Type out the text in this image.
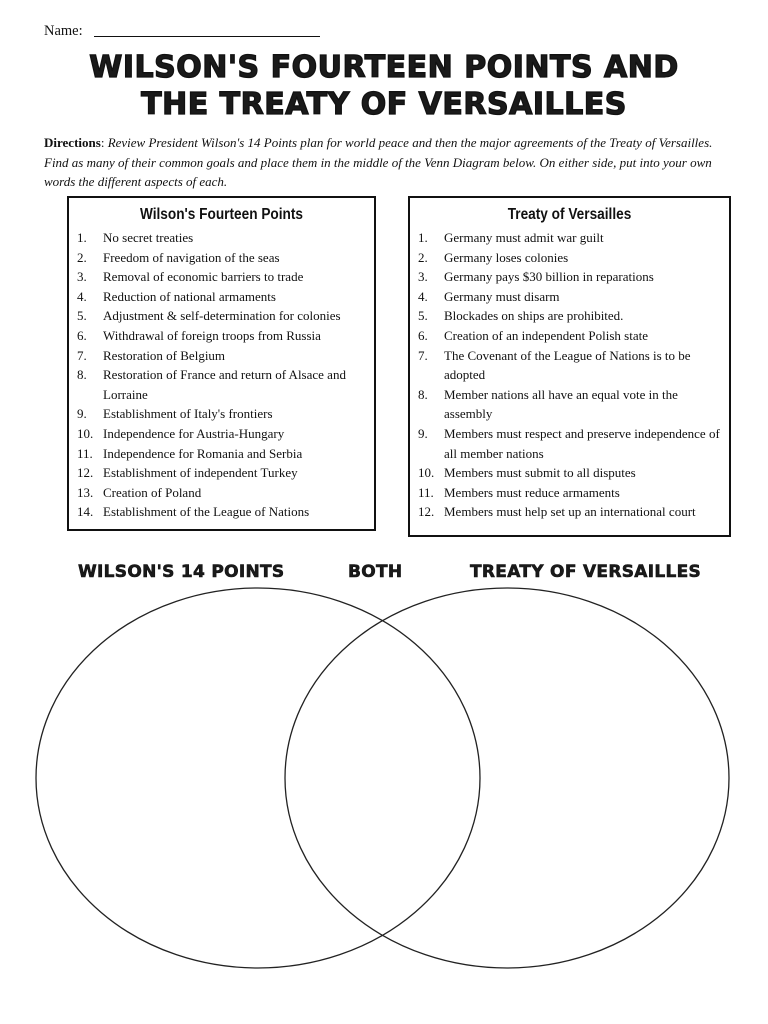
Name:
WILSON'S FOURTEEN POINTS AND
THE TREATY OF VERSAILLES
Directions: Review President Wilson's 14 Points plan for world peace and then the major agreements of the Treaty of Versailles. Find as many of their common goals and place them in the middle of the Venn Diagram below. On either side, put into your own words the different aspects of each.
Wilson's Fourteen Points
1.	No secret treaties
2.	Freedom of navigation of the seas
3.	Removal of economic barriers to trade
4.	Reduction of national armaments
5.	Adjustment & self-determination for colonies
6.	Withdrawal of foreign troops from Russia
7.	Restoration of Belgium
8.	Restoration of France and return of Alsace and Lorraine
9.	Establishment of Italy's frontiers
10. Independence for Austria-Hungary
11. Independence for Romania and Serbia
12. Establishment of independent Turkey
13. Creation of Poland
14. Establishment of the League of Nations
Treaty of Versailles
1.	Germany must admit war guilt
2.	Germany loses colonies
3.	Germany pays $30 billion in reparations
4.	Germany must disarm
5.	Blockades on ships are prohibited.
6.	Creation of an independent Polish state
7.	The Covenant of the League of Nations is to be adopted
8.	Member nations all have an equal vote in the assembly
9.	Members must respect and preserve independence of all member nations
10. Members must submit to all disputes
11. Members must reduce armaments
12. Members must help set up an international court
WILSON'S 14 POINTS	BOTH	TREATY OF VERSAILLES
